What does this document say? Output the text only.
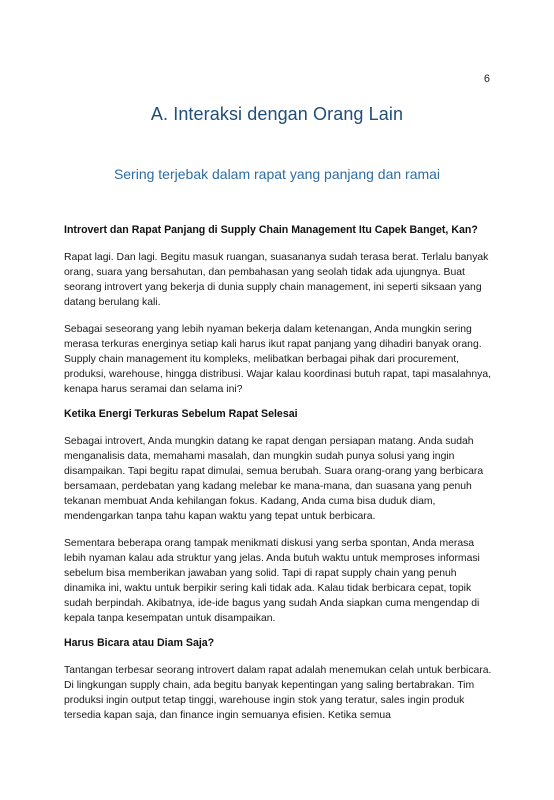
6
A. Interaksi dengan Orang Lain
Sering terjebak dalam rapat yang panjang dan ramai
Introvert dan Rapat Panjang di Supply Chain Management Itu Capek Banget, Kan?

Rapat lagi. Dan lagi. Begitu masuk ruangan, suasananya sudah terasa berat. Terlalu banyak orang, suara yang bersahutan, dan pembahasan yang seolah tidak ada ujungnya. Buat seorang introvert yang bekerja di dunia supply chain management, ini seperti siksaan yang datang berulang kali.

Sebagai seseorang yang lebih nyaman bekerja dalam ketenangan, Anda mungkin sering merasa terkuras energinya setiap kali harus ikut rapat panjang yang dihadiri banyak orang. Supply chain management itu kompleks, melibatkan berbagai pihak dari procurement, produksi, warehouse, hingga distribusi. Wajar kalau koordinasi butuh rapat, tapi masalahnya, kenapa harus seramai dan selama ini?

Ketika Energi Terkuras Sebelum Rapat Selesai

Sebagai introvert, Anda mungkin datang ke rapat dengan persiapan matang. Anda sudah menganalisis data, memahami masalah, dan mungkin sudah punya solusi yang ingin disampaikan. Tapi begitu rapat dimulai, semua berubah. Suara orang-orang yang berbicara bersamaan, perdebatan yang kadang melebar ke mana-mana, dan suasana yang penuh tekanan membuat Anda kehilangan fokus. Kadang, Anda cuma bisa duduk diam, mendengarkan tanpa tahu kapan waktu yang tepat untuk berbicara.

Sementara beberapa orang tampak menikmati diskusi yang serba spontan, Anda merasa lebih nyaman kalau ada struktur yang jelas. Anda butuh waktu untuk memproses informasi sebelum bisa memberikan jawaban yang solid. Tapi di rapat supply chain yang penuh dinamika ini, waktu untuk berpikir sering kali tidak ada. Kalau tidak berbicara cepat, topik sudah berpindah. Akibatnya, ide-ide bagus yang sudah Anda siapkan cuma mengendap di kepala tanpa kesempatan untuk disampaikan.

Harus Bicara atau Diam Saja?

Tantangan terbesar seorang introvert dalam rapat adalah menemukan celah untuk berbicara. Di lingkungan supply chain, ada begitu banyak kepentingan yang saling bertabrakan. Tim produksi ingin output tetap tinggi, warehouse ingin stok yang teratur, sales ingin produk tersedia kapan saja, dan finance ingin semuanya efisien. Ketika semua
